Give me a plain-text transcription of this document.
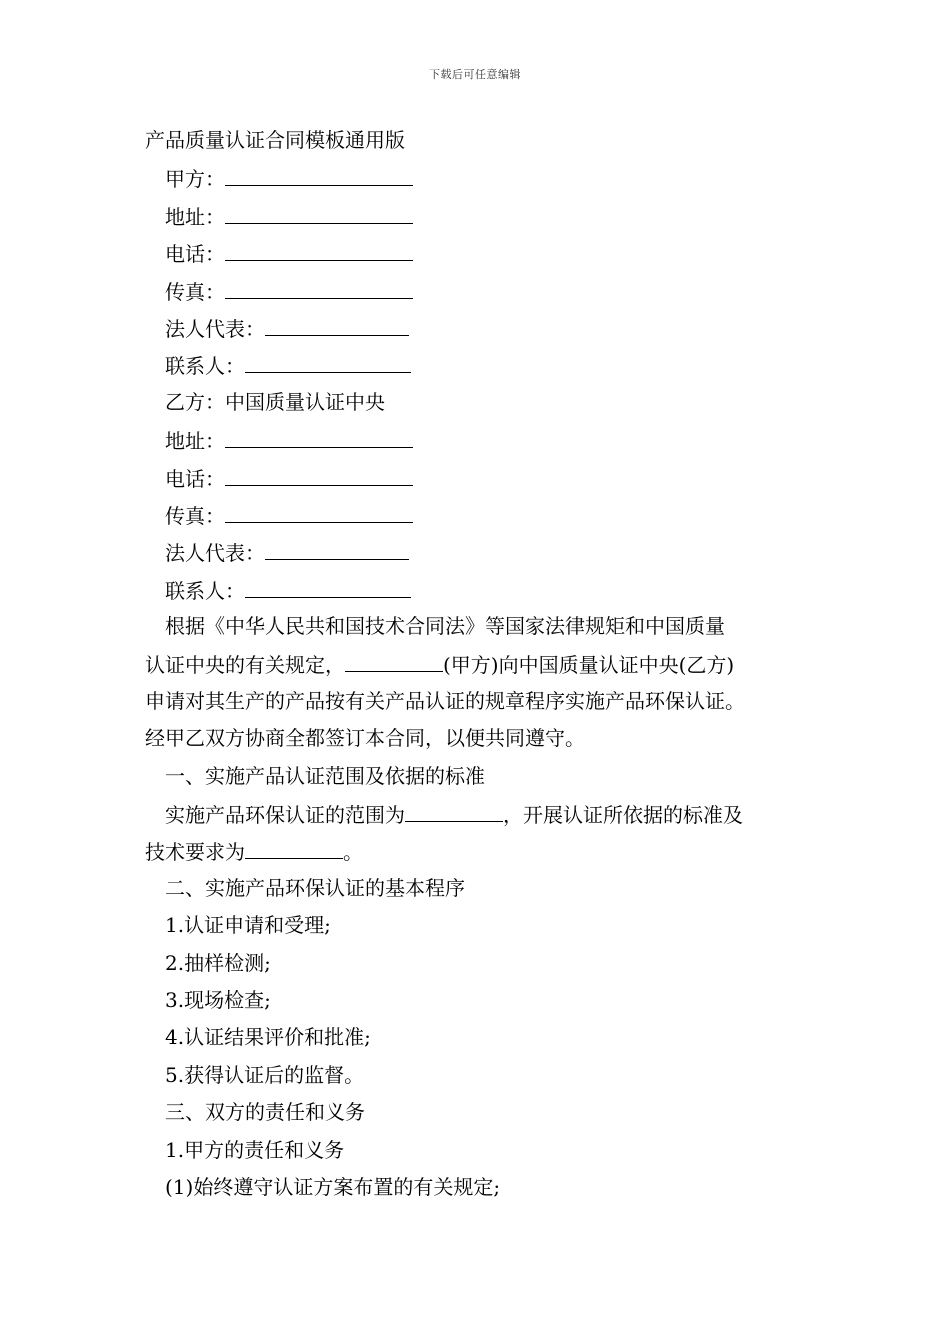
下载后可任意编辑
产品质量认证合同模板通用版
甲方：
地址：
电话：
传真：
法人代表：
联系人：
乙方：中国质量认证中央
地址：
电话：
传真：
法人代表：
联系人：
根据《中华人民共和国技术合同法》等国家法律规矩和中国质量
认证中央的有关规定，	(甲方)向中国质量认证中央(乙方)
申请对其生产的产品按有关产品认证的规章程序实施产品环保认证。
经甲乙双方协商全都签订本合同，以便共同遵守。
一、实施产品认证范围及依据的标准
实施产品环保认证的范围为	，开展认证所依据的标准及
技术要求为	。
二、实施产品环保认证的基本程序
1.认证申请和受理;
2.抽样检测;
3.现场检查;
4.认证结果评价和批准;
5.获得认证后的监督。
三、双方的责任和义务
1.甲方的责任和义务
(1)始终遵守认证方案布置的有关规定;
